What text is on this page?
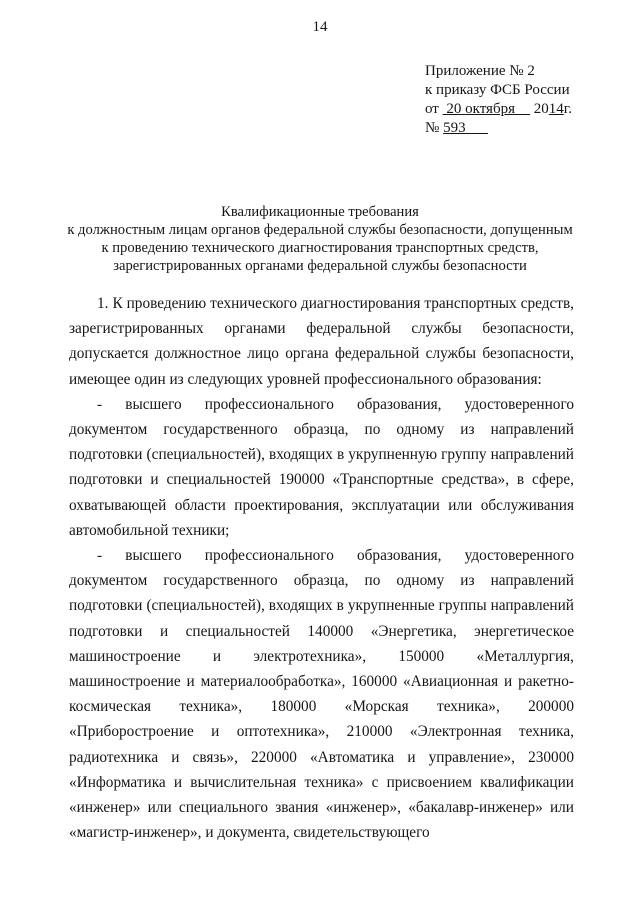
14
Приложение № 2
к приказу ФСБ России
от 20 октября 2014г.
№ 593
Квалификационные требования
к должностным лицам органов федеральной службы безопасности, допущенным
к проведению технического диагностирования транспортных средств,
зарегистрированных органами федеральной службы безопасности

1. К проведению технического диагностирования транспортных средств, зарегистрированных органами федеральной службы безопасности, допускается должностное лицо органа федеральной службы безопасности, имеющее один из следующих уровней профессионального образования:

- высшего профессионального образования, удостоверенного документом государственного образца, по одному из направлений подготовки (специальностей), входящих в укрупненную группу направлений подготовки и специальностей 190000 «Транспортные средства», в сфере, охватывающей области проектирования, эксплуатации или обслуживания автомобильной техники;

- высшего профессионального образования, удостоверенного документом государственного образца, по одному из направлений подготовки (специальностей), входящих в укрупненные группы направлений подготовки и специальностей 140000 «Энергетика, энергетическое машиностроение и электротехника», 150000 «Металлургия, машиностроение и материалообработка», 160000 «Авиационная и ракетно-космическая техника», 180000 «Морская техника», 200000 «Приборостроение и оптотехника», 210000 «Электронная техника, радиотехника и связь», 220000 «Автоматика и управление», 230000 «Информатика и вычислительная техника» с присвоением квалификации «инженер» или специального звания «инженер», «бакалавр-инженер» или «магистр-инженер», и документа, свидетельствующего
